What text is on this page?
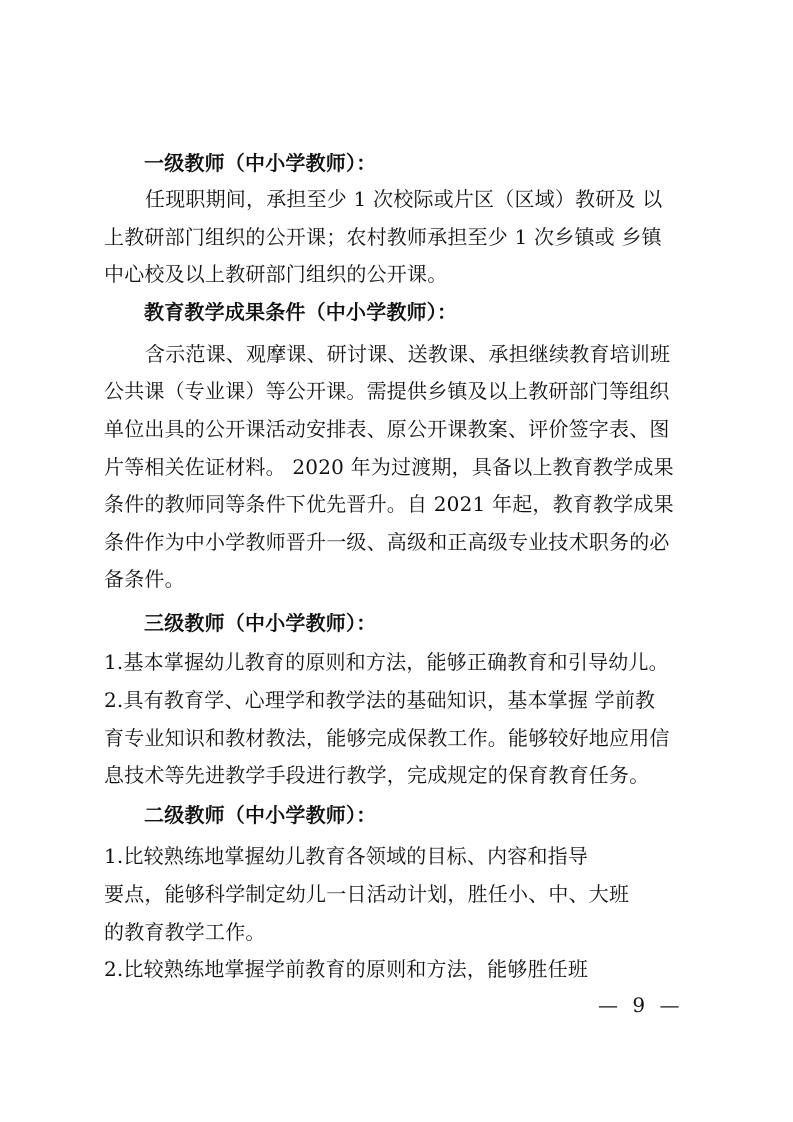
一级教师（中小学教师）：
任现职期间，承担至少 1 次校际或片区（区域）教研及 以
上教研部门组织的公开课；农村教师承担至少 1 次乡镇或 乡镇
中心校及以上教研部门组织的公开课。
教育教学成果条件（中小学教师）：
含示范课、观摩课、研讨课、送教课、承担继续教育培训班
公共课（专业课）等公开课。需提供乡镇及以上教研部门等组织
单位出具的公开课活动安排表、原公开课教案、评价签字表、图
片等相关佐证材料。 2020 年为过渡期，具备以上教育教学成果
条件的教师同等条件下优先晋升。自 2021 年起，教育教学成果
条件作为中小学教师晋升一级、高级和正高级专业技术职务的必
备条件。
三级教师（中小学教师）：
1.基本掌握幼儿教育的原则和方法，能够正确教育和引导幼儿。
2.具有教育学、心理学和教学法的基础知识，基本掌握 学前教
育专业知识和教材教法，能够完成保教工作。能够较好地应用信
息技术等先进教学手段进行教学，完成规定的保育教育任务。
二级教师（中小学教师）：
1.比较熟练地掌握幼儿教育各领域的目标、内容和指导
要点，能够科学制定幼儿一日活动计划，胜任小、中、大班
的教育教学工作。
2.比较熟练地掌握学前教育的原则和方法，能够胜任班
— 9 —
